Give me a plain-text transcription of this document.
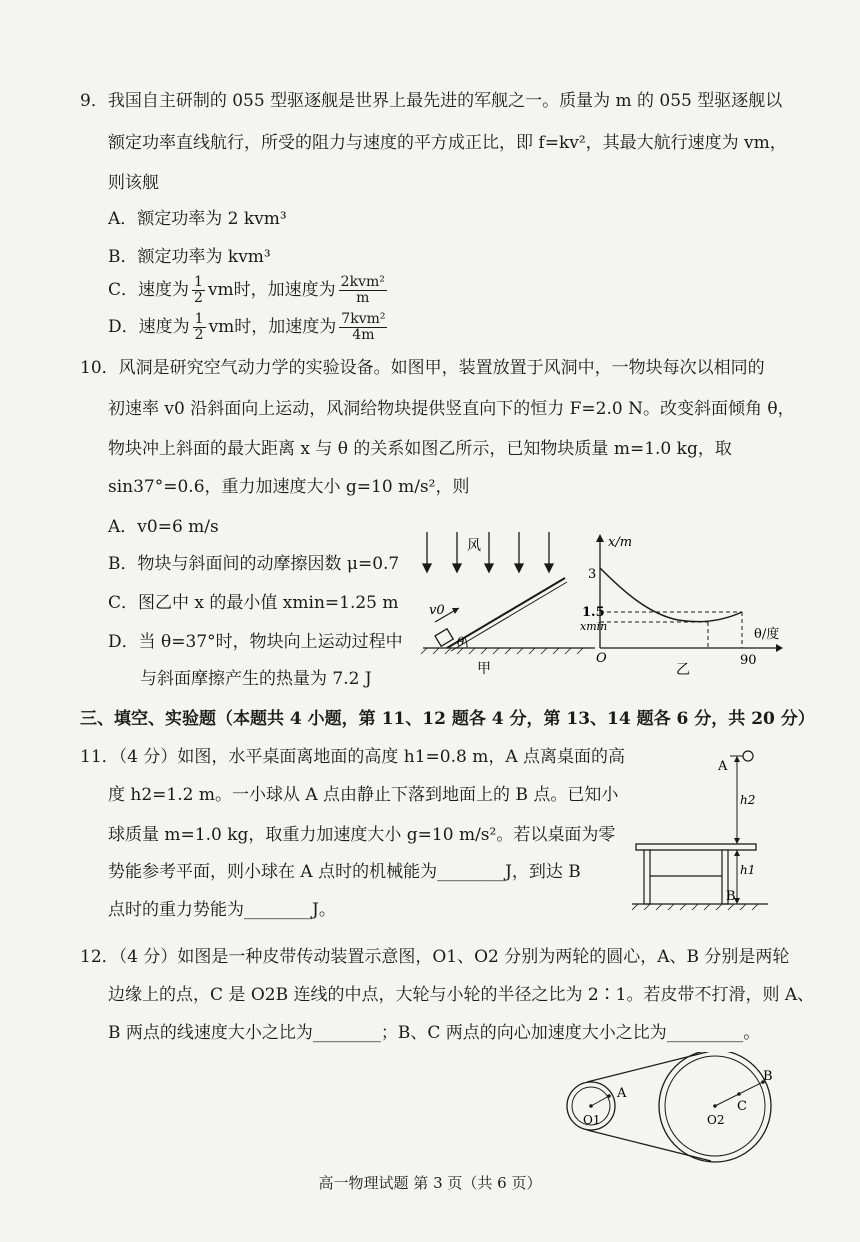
9．我国自主研制的 055 型驱逐舰是世界上最先进的军舰之一。质量为 m 的 055 型驱逐舰以
额定功率直线航行，所受的阻力与速度的平方成正比，即 f=kv²，其最大航行速度为 vm，
则该舰
A．额定功率为 2 kvm³
B．额定功率为 kvm³
C．速度为 $\frac{1}{2}$ vm时，加速度为 $\frac{\text{2kvm²}}{m}$
D．速度为 $\frac{1}{2}$ vm时，加速度为 $\frac{\text{7kvm²}}{4m}$
10．风洞是研究空气动力学的实验设备。如图甲，装置放置于风洞中，一物块每次以相同的
初速率 v0 沿斜面向上运动，风洞给物块提供竖直向下的恒力 F=2.0 N。改变斜面倾角 θ，
物块冲上斜面的最大距离 x 与 θ 的关系如图乙所示，已知物块质量 m=1.0 kg，取
sin37°=0.6，重力加速度大小 g=10 m/s²，则
A．v0=6 m/s
B．物块与斜面间的动摩擦因数 μ=0.7
C．图乙中 x 的最小值 xmin=1.25 m
D．当 θ=37°时，物块向上运动过程中
与斜面摩擦产生的热量为 7.2 J
风
v0
θ
甲
x/m
θ/度
3
1.5
xmin
O	90
乙
三、填空、实验题（本题共 4 小题，第 11、12 题各 4 分，第 13、14 题各 6 分，共 20 分）
11．（4 分）如图，水平桌面离地面的高度 h1=0.8 m，A 点离桌面的高
度 h2=1.2 m。一小球从 A 点由静止下落到地面上的 B 点。已知小
球质量 m=1.0 kg，取重力加速度大小 g=10 m/s²。若以桌面为零
势能参考平面，则小球在 A 点时的机械能为________J，到达 B
点时的重力势能为________J。
A
h2
h1
B
12．（4 分）如图是一种皮带传动装置示意图，O1、O2 分别为两轮的圆心，A、B 分别是两轮
边缘上的点，C 是 O2B 连线的中点，大轮与小轮的半径之比为 2∶1。若皮带不打滑，则 A、
B 两点的线速度大小之比为________；B、C 两点的向心加速度大小之比为_________。
A
O1
B
C
O2
高一物理试题 第 3 页（共 6 页）
